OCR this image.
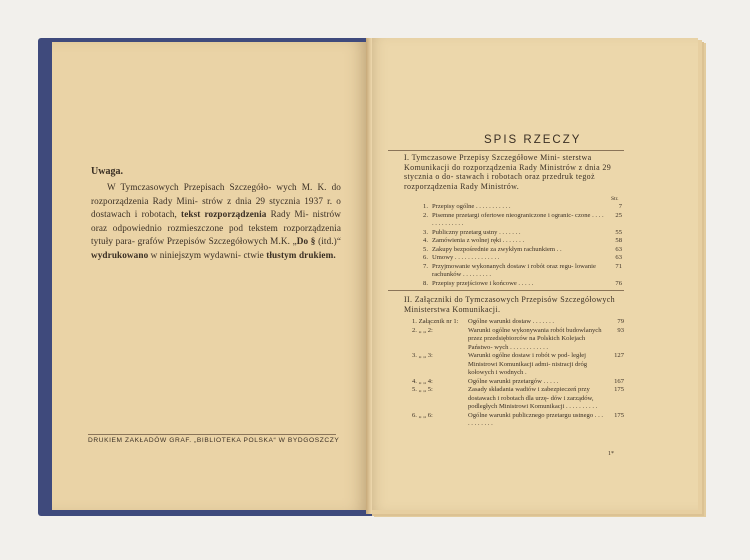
Uwaga.

W Tymczasowych Przepisach Szczegóło- wych M. K. do rozporządzenia Rady Mini- strów z dnia 29 stycznia 1937 r. o dostawach i robotach, tekst rozporządzenia Rady Mi- nistrów oraz odpowiednio rozmieszczone pod tekstem rozporządzenia tytuły para- grafów Przepisów Szczegółowych M.K. „Do § (itd.)“ wydrukowano w niniejszym wydawni- ctwie tłustym drukiem.

DRUKIEM ZAKŁADÓW GRAF. „BIBLIOTEKA POLSKA“ W BYDGOSZCZY
SPIS RZECZY
I. Tymczasowe Przepisy Szczegółowe Mini- sterstwa Komunikacji do rozporządzenia Rady Ministrów z dnia 29 stycznia o do- stawach i robotach oraz przedruk tegoż rozporządzenia Rady Ministrów.
Str.
1. Przepisy ogólne . . . . . . . . . . .	7
2. Pisemne przetargi ofertowe nieograniczone i ogranic- czone . . . . . . . . . . . . . .
25
3. Publiczny przetarg ustny . . . . . . .	55
4. Zamówienia z wolnej ręki . . . . . . .	58
5. Zakupy bezpośrednie za zwykłym rachunkiem . .	63
6. Umowy . . . . . . . . . . . . . .	63
7. Przyjmowanie wykonanych dostaw i robót oraz regu- lowanie rachunków . . . . . . . . .
71
8. Przepisy przejściowe i końcowe . . . . .	76
II. Załączniki do Tymczasowych Przepisów Szczegółowych Ministerstwa Komunikacji.
1. Załącznik nr 1:	Ogólne warunki dostaw . . . . . . .	79
2. „ „ 2:	Warunki ogólne wykonywania robót budowlanych przez przedsiębiorców na Polskich Kolejach Państwo- wych . . . . . . . . . . . .
93
3. „ „ 3:	Warunki ogólne dostaw i robót w pod- ległej Ministrowi Komunikacji admi- nistracji dróg kołowych i wodnych .
127
4. „ „ 4:	Ogólne warunki przetargów . . . . .	167
5. „ „ 5:	Zasady składania wadiów i zabezpieczeń przy dostawach i robotach dla urzę- dów i zarządów, podległych Ministrowi Komunikacji . . . . . . . . . .
175
6. „ „ 6:	Ogólne warunki publicznego przetargu ustnego . . . . . . . . . . .
175
1*
